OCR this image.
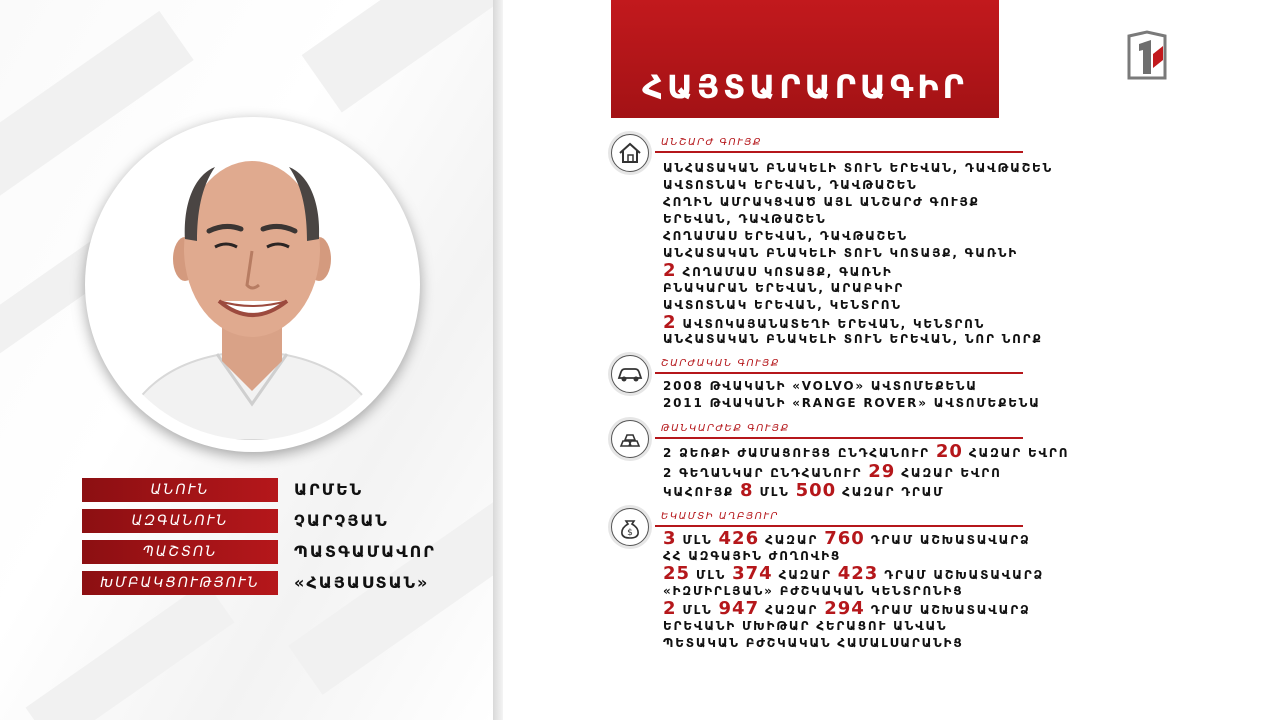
ԱՆՈՒՆ	ԱՐՄԵՆ
ԱԶԳԱՆՈՒՆ	ՉԱՐՉՅԱՆ
ՊԱՇՏՈՆ	ՊԱՏԳԱՄԱՎՈՐ
ԽՄԲԱԿՑՈՒԹՅՈՒՆ	«ՀԱՅԱՍՏԱՆ»
ՀԱՅՏԱՐԱՐԱԳԻՐ
ԱՆՇԱՐԺ ԳՈՒՅՔ
ԱՆՀԱՏԱԿԱՆ ԲՆԱԿԵԼԻ ՏՈՒՆ ԵՐԵՎԱՆ, ԴԱՎԹԱՇԵՆ
ԱՎՏՈՏՆԱԿ ԵՐԵՎԱՆ, ԴԱՎԹԱՇԵՆ
ՀՈՂԻՆ ԱՄՐԱԿՑՎԱԾ ԱՅԼ ԱՆՇԱՐԺ ԳՈՒՅՔ
ԵՐԵՎԱՆ, ԴԱՎԹԱՇԵՆ
ՀՈՂԱՄԱՍ ԵՐԵՎԱՆ, ԴԱՎԹԱՇԵՆ
ԱՆՀԱՏԱԿԱՆ ԲՆԱԿԵԼԻ ՏՈՒՆ ԿՈՏԱՅՔ, ԳԱՌՆԻ
2 ՀՈՂԱՄԱՍ ԿՈՏԱՅՔ, ԳԱՌՆԻ
ԲՆԱԿԱՐԱՆ ԵՐԵՎԱՆ, ԱՐԱԲԿԻՐ
ԱՎՏՈՏՆԱԿ ԵՐԵՎԱՆ, ԿԵՆՏՐՈՆ
2 ԱՎՏՈԿԱՅԱՆԱՏԵՂԻ ԵՐԵՎԱՆ, ԿԵՆՏՐՈՆ
ԱՆՀԱՏԱԿԱՆ ԲՆԱԿԵԼԻ ՏՈՒՆ ԵՐԵՎԱՆ, ՆՈՐ ՆՈՐՔ
ՇԱՐԺԱԿԱՆ ԳՈՒՅՔ
2008 ԹՎԱԿԱՆԻ «VOLVO» ԱՎՏՈՄԵՔԵՆԱ
2011 ԹՎԱԿԱՆԻ «RANGE ROVER» ԱՎՏՈՄԵՔԵՆԱ
ԹԱՆԿԱՐԺԵՔ ԳՈՒՅՔ
2 ՁԵՌՔԻ ԺԱՄԱՑՈՒՅՑ ԸՆԴՀԱՆՈՒՐ 20 ՀԱԶԱՐ ԵՎՐՈ
2 ԳԵՂԱՆԿԱՐ ԸՆԴՀԱՆՈՒՐ 29 ՀԱԶԱՐ ԵՎՐՈ
ԿԱՀՈՒՅՔ 8 ՄԼՆ 500 ՀԱԶԱՐ ԴՐԱՄ
$
ԵԿԱՄՏԻ ԱՂԲՅՈՒՐ
3 ՄԼՆ 426 ՀԱԶԱՐ 760 ԴՐԱՄ ԱՇԽԱՏԱՎԱՐՁ
ՀՀ ԱԶԳԱՅԻՆ ԺՈՂՈՎԻՑ
25 ՄԼՆ 374 ՀԱԶԱՐ 423 ԴՐԱՄ ԱՇԽԱՏԱՎԱՐՁ
«ԻԶՄԻՐԼՅԱՆ» ԲԺՇԿԱԿԱՆ ԿԵՆՏՐՈՆԻՑ
2 ՄԼՆ 947 ՀԱԶԱՐ 294 ԴՐԱՄ ԱՇԽԱՏԱՎԱՐՁ
ԵՐԵՎԱՆԻ ՄԽԻԹԱՐ ՀԵՐԱՑՈՒ ԱՆՎԱՆ
ՊԵՏԱԿԱՆ ԲԺՇԿԱԿԱՆ ՀԱՄԱԼՍԱՐԱՆԻՑ
